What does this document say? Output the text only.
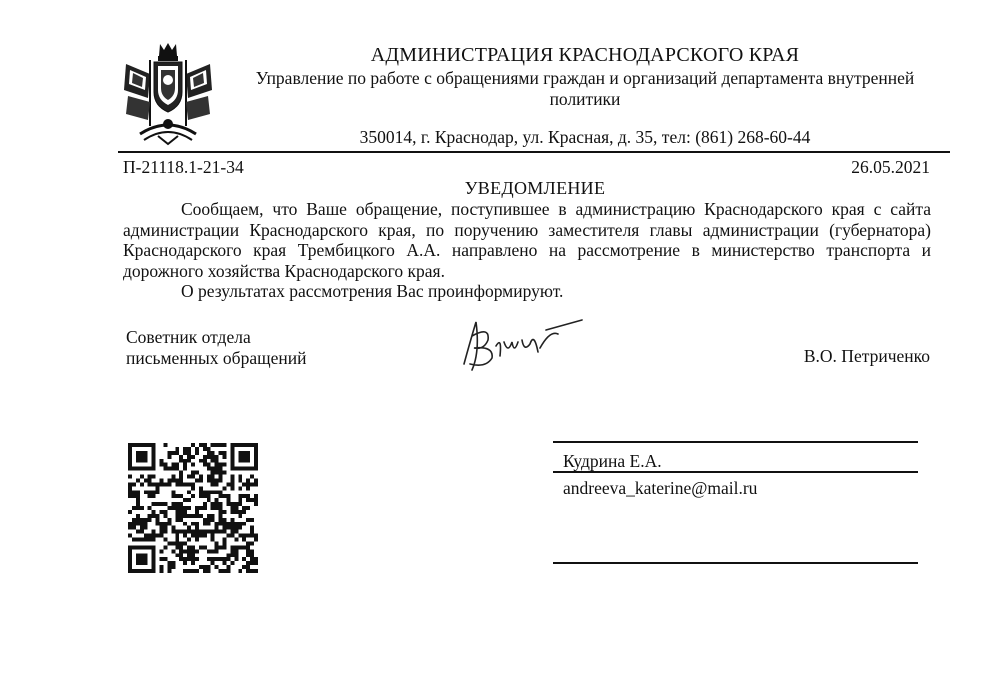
АДМИНИСТРАЦИЯ КРАСНОДАРСКОГО КРАЯ
Управление по работе с обращениями граждан и организаций департамента внутренней политики
350014, г. Краснодар, ул. Красная, д. 35, тел: (861) 268-60-44
П-21118.1-21-34	26.05.2021
УВЕДОМЛЕНИЕ

Сообщаем, что Ваше обращение, поступившее в администрацию Краснодарского края с сайта администрации Краснодарского края, по поручению заместителя главы администрации (губернатора) Краснодарского края Трембицкого А.А. направлено на рассмотрение в министерство транспорта и дорожного хозяйства Краснодарского края.

О результатах рассмотрения Вас проинформируют.

Советник отдела
письменных обращений	В.О. Петриченко
Кудрина Е.А.
andreeva_katerine@mail.ru
